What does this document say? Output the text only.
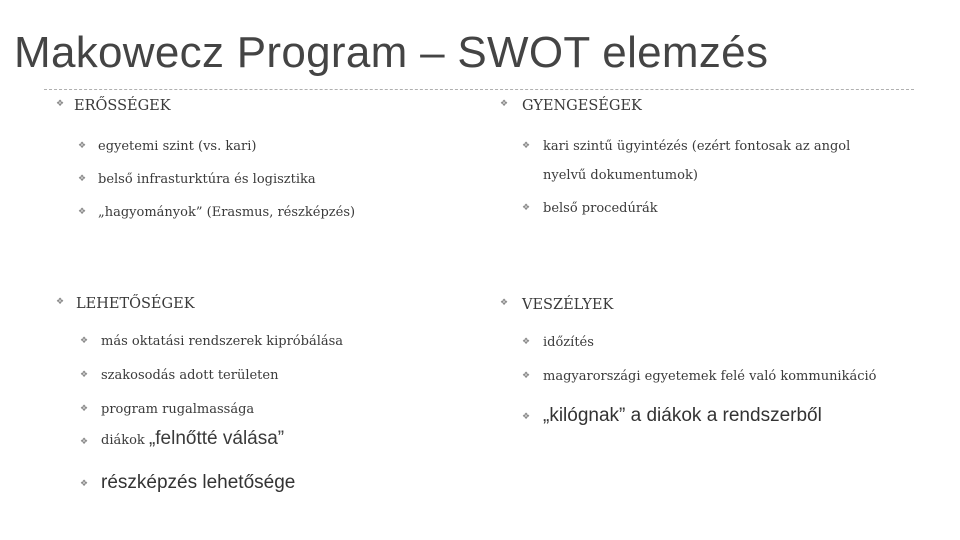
Makowecz Program – SWOT elemzés
❖ ERŐSSÉGEK
❖ egyetemi szint (vs. kari)
❖ belső infrasturktúra és logisztika
❖ „hagyományok” (Erasmus, részképzés)
❖ GYENGESÉGEK
❖ kari szintű ügyintézés (ezért fontosak az angol
nyelvű dokumentumok)
❖ belső procedúrák
❖ LEHETŐSÉGEK
❖ más oktatási rendszerek kipróbálása
❖ szakosodás adott területen
❖ program rugalmassága
❖ diákok „felnőtté válása”
❖ részképzés lehetősége
❖ VESZÉLYEK
❖ időzítés
❖ magyarországi egyetemek felé való kommunikáció
❖ „kilógnak” a diákok a rendszerből
